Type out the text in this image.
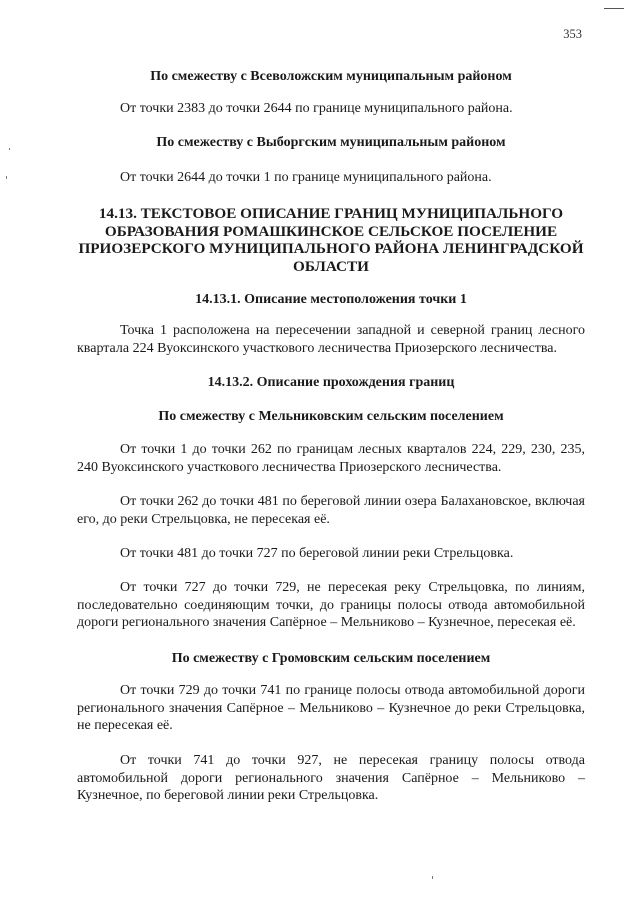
353
По смежеству с Всеволожским муниципальным районом
От точки 2383 до точки 2644 по границе муниципального района.
По смежеству с Выборгским муниципальным районом
От точки 2644 до точки 1 по границе муниципального района.
14.13. ТЕКСТОВОЕ ОПИСАНИЕ ГРАНИЦ МУНИЦИПАЛЬНОГО ОБРАЗОВАНИЯ РОМАШКИНСКОЕ СЕЛЬСКОЕ ПОСЕЛЕНИЕ ПРИОЗЕРСКОГО МУНИЦИПАЛЬНОГО РАЙОНА ЛЕНИНГРАДСКОЙ ОБЛАСТИ
14.13.1. Описание местоположения точки 1
Точка 1 расположена на пересечении западной и северной границ лесного квартала 224 Вуоксинского участкового лесничества Приозерского лесничества.
14.13.2. Описание прохождения границ
По смежеству с Мельниковским сельским поселением
От точки 1 до точки 262 по границам лесных кварталов 224, 229, 230, 235, 240 Вуоксинского участкового лесничества Приозерского лесничества.
От точки 262 до точки 481 по береговой линии озера Балахановское, включая его, до реки Стрельцовка, не пересекая её.
От точки 481 до точки 727 по береговой линии реки Стрельцовка.
От точки 727 до точки 729, не пересекая реку Стрельцовка, по линиям, последовательно соединяющим точки, до границы полосы отвода автомобильной дороги регионального значения Сапёрное – Мельниково – Кузнечное, пересекая её.
По смежеству с Громовским сельским поселением
От точки 729 до точки 741 по границе полосы отвода автомобильной дороги регионального значения Сапёрное – Мельниково – Кузнечное до реки Стрельцовка, не пересекая её.
От точки 741 до точки 927, не пересекая границу полосы отвода автомобильной дороги регионального значения Сапёрное – Мельниково – Кузнечное, по береговой линии реки Стрельцовка.
